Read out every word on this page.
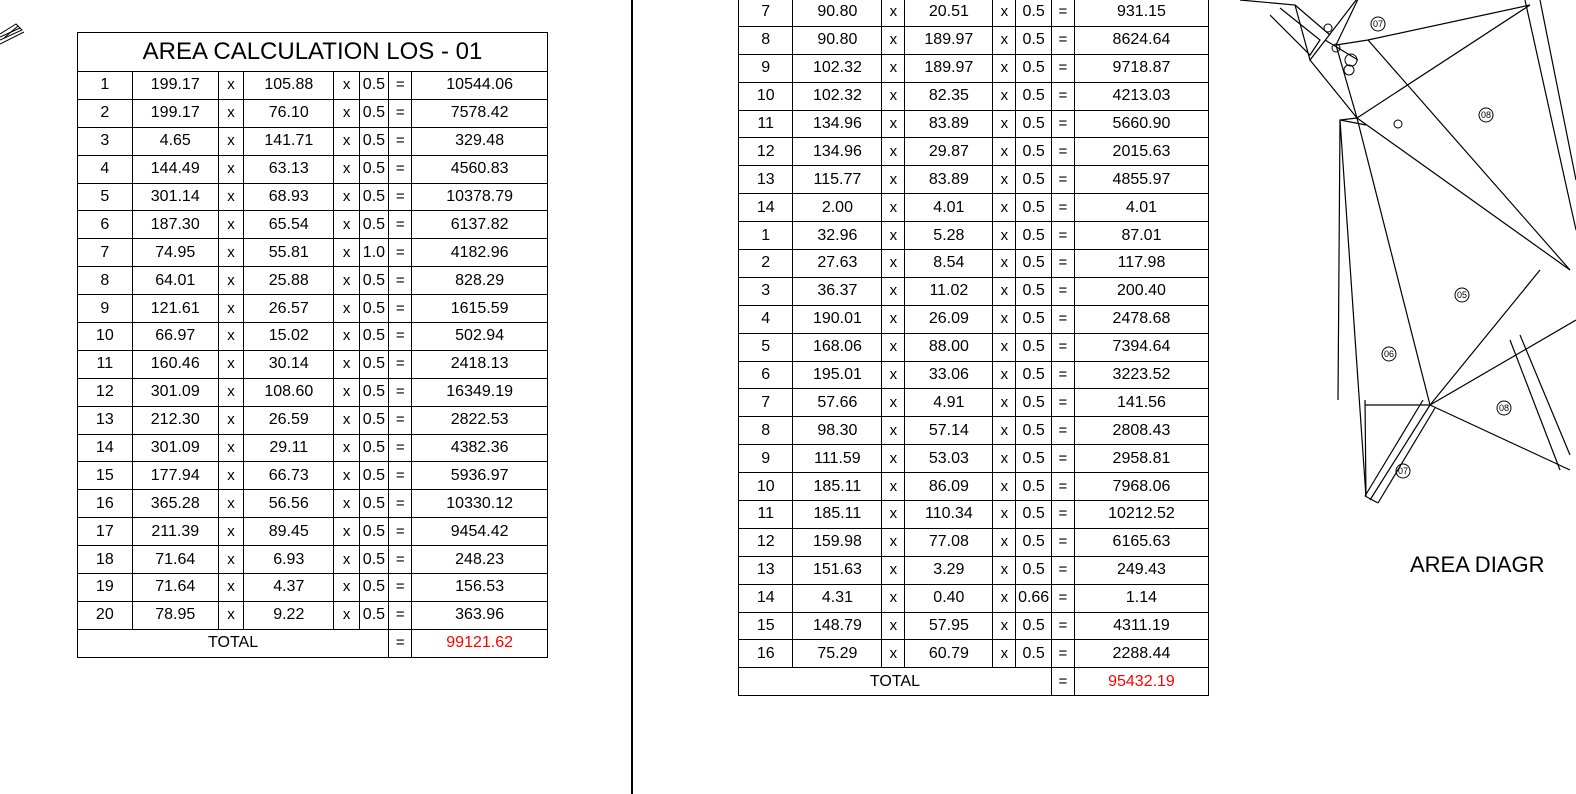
AREA CALCULATION LOS - 01							
1	199.17	x	105.88	x	0.5	=	10544.06
2	199.17	x	76.10	x	0.5	=	7578.42
3	4.65	x	141.71	x	0.5	=	329.48
4	144.49	x	63.13	x	0.5	=	4560.83
5	301.14	x	68.93	x	0.5	=	10378.79
6	187.30	x	65.54	x	0.5	=	6137.82
7	74.95	x	55.81	x	1.0	=	4182.96
8	64.01	x	25.88	x	0.5	=	828.29
9	121.61	x	26.57	x	0.5	=	1615.59
10	66.97	x	15.02	x	0.5	=	502.94
11	160.46	x	30.14	x	0.5	=	2418.13
12	301.09	x	108.60	x	0.5	=	16349.19
13	212.30	x	26.59	x	0.5	=	2822.53
14	301.09	x	29.11	x	0.5	=	4382.36
15	177.94	x	66.73	x	0.5	=	5936.97
16	365.28	x	56.56	x	0.5	=	10330.12
17	211.39	x	89.45	x	0.5	=	9454.42
18	71.64	x	6.93	x	0.5	=	248.23
19	71.64	x	4.37	x	0.5	=	156.53
20	78.95	x	9.22	x	0.5	=	363.96
TOTAL						=	99121.62
7	90.80	x	20.51	x	0.5	=	931.15
8	90.80	x	189.97	x	0.5	=	8624.64
9	102.32	x	189.97	x	0.5	=	9718.87
10	102.32	x	82.35	x	0.5	=	4213.03
11	134.96	x	83.89	x	0.5	=	5660.90
12	134.96	x	29.87	x	0.5	=	2015.63
13	115.77	x	83.89	x	0.5	=	4855.97
14	2.00	x	4.01	x	0.5	=	4.01
1	32.96	x	5.28	x	0.5	=	87.01
2	27.63	x	8.54	x	0.5	=	117.98
3	36.37	x	11.02	x	0.5	=	200.40
4	190.01	x	26.09	x	0.5	=	2478.68
5	168.06	x	88.00	x	0.5	=	7394.64
6	195.01	x	33.06	x	0.5	=	3223.52
7	57.66	x	4.91	x	0.5	=	141.56
8	98.30	x	57.14	x	0.5	=	2808.43
9	111.59	x	53.03	x	0.5	=	2958.81
10	185.11	x	86.09	x	0.5	=	7968.06
11	185.11	x	110.34	x	0.5	=	10212.52
12	159.98	x	77.08	x	0.5	=	6165.63
13	151.63	x	3.29	x	0.5	=	249.43
14	4.31	x	0.40	x	0.66	=	1.14
15	148.79	x	57.95	x	0.5	=	4311.19
16	75.29	x	60.79	x	0.5	=	2288.44
TOTAL						=	95432.19
07
08
05
06
08
07
AREA DIAGR
